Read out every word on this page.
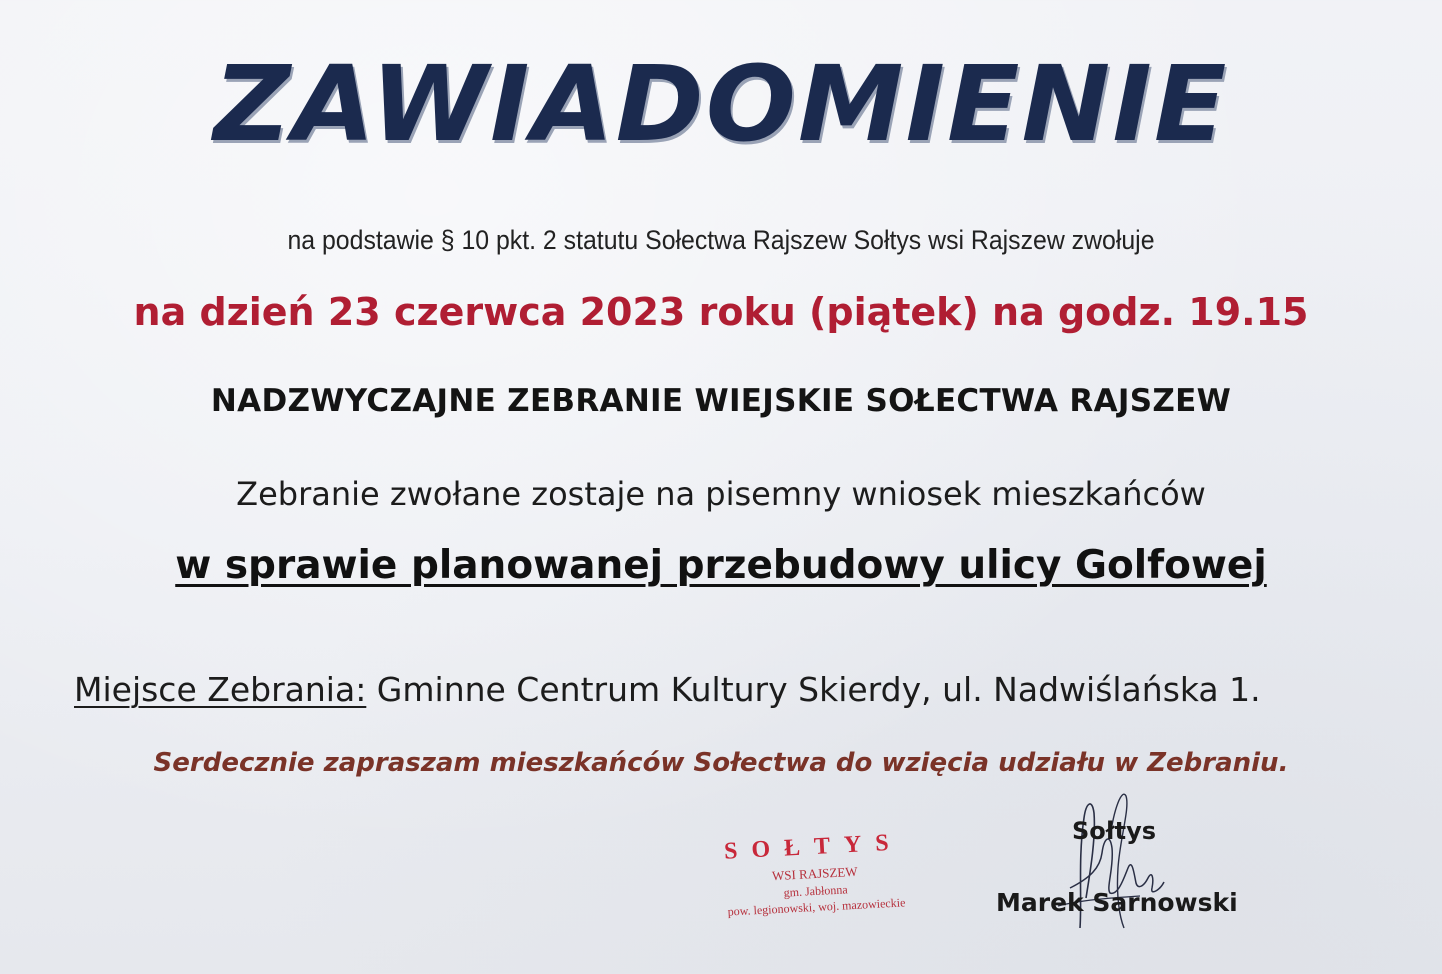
ZAWIADOMIENIE
na podstawie § 10 pkt. 2 statutu Sołectwa Rajszew Sołtys wsi Rajszew zwołuje
na dzień 23 czerwca 2023 roku (piątek) na godz. 19.15
NADZWYCZAJNE ZEBRANIE WIEJSKIE SOŁECTWA RAJSZEW
Zebranie zwołane zostaje na pisemny wniosek mieszkańców
w sprawie planowanej przebudowy ulicy Golfowej
Miejsce Zebrania: Gminne Centrum Kultury Skierdy, ul. Nadwiślańska 1.
Serdecznie zapraszam mieszkańców Sołectwa do wzięcia udziału w Zebraniu.
SOŁTYS
WSI RAJSZEW
gm. Jabłonna
pow. legionowski, woj. mazowieckie
Sołtys
Marek Sarnowski
